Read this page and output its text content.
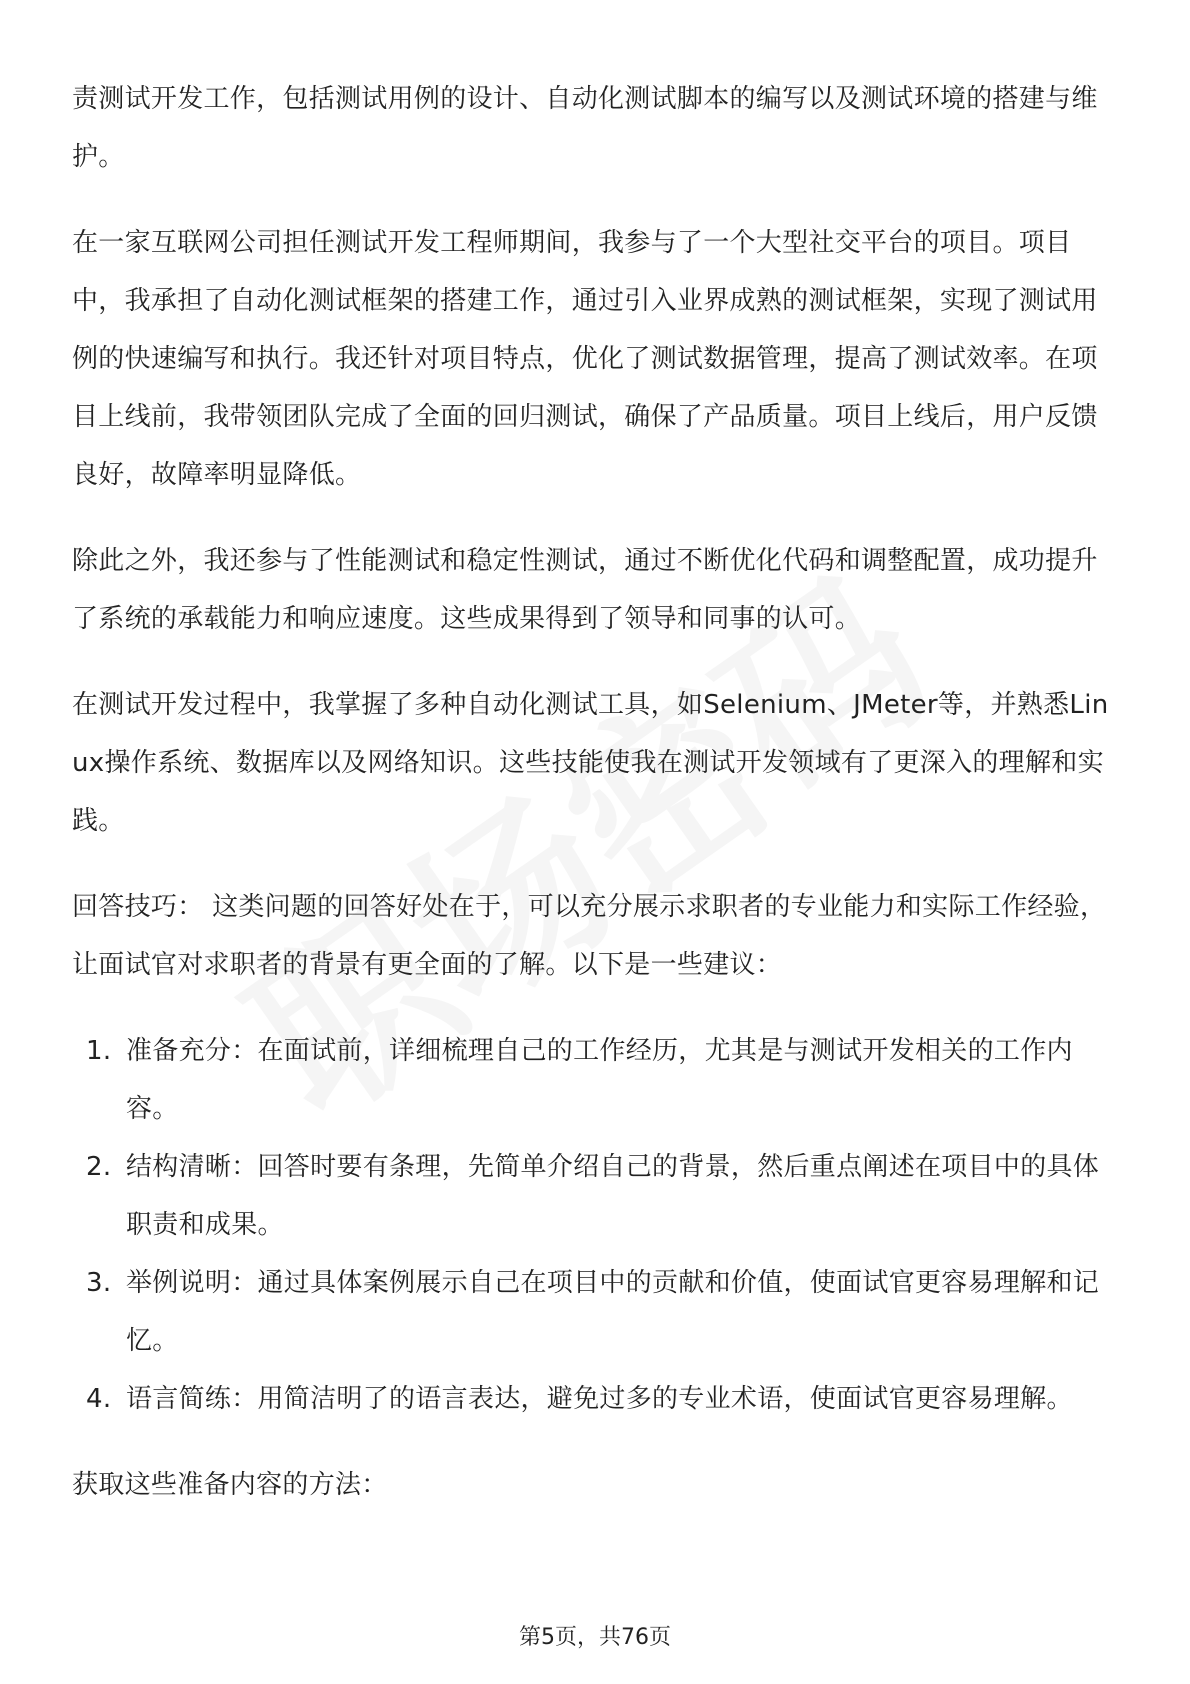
责测试开发工作，包括测试用例的设计、自动化测试脚本的编写以及测试环境的搭建与维护。

在一家互联网公司担任测试开发工程师期间，我参与了一个大型社交平台的项目。项目中，我承担了自动化测试框架的搭建工作，通过引入业界成熟的测试框架，实现了测试用例的快速编写和执行。我还针对项目特点，优化了测试数据管理，提高了测试效率。在项目上线前，我带领团队完成了全面的回归测试，确保了产品质量。项目上线后，用户反馈良好，故障率明显降低。

除此之外，我还参与了性能测试和稳定性测试，通过不断优化代码和调整配置，成功提升了系统的承载能力和响应速度。这些成果得到了领导和同事的认可。

在测试开发过程中，我掌握了多种自动化测试工具，如Selenium、JMeter等，并熟悉Linux操作系统、数据库以及网络知识。这些技能使我在测试开发领域有了更深入的理解和实践。

回答技巧： 这类问题的回答好处在于，可以充分展示求职者的专业能力和实际工作经验，让面试官对求职者的背景有更全面的了解。以下是一些建议：

1. 准备充分：在面试前，详细梳理自己的工作经历，尤其是与测试开发相关的工作内容。
2. 结构清晰：回答时要有条理，先简单介绍自己的背景，然后重点阐述在项目中的具体职责和成果。
3. 举例说明：通过具体案例展示自己在项目中的贡献和价值，使面试官更容易理解和记忆。
4. 语言简练：用简洁明了的语言表达，避免过多的专业术语，使面试官更容易理解。

获取这些准备内容的方法：

第5页，共76页
